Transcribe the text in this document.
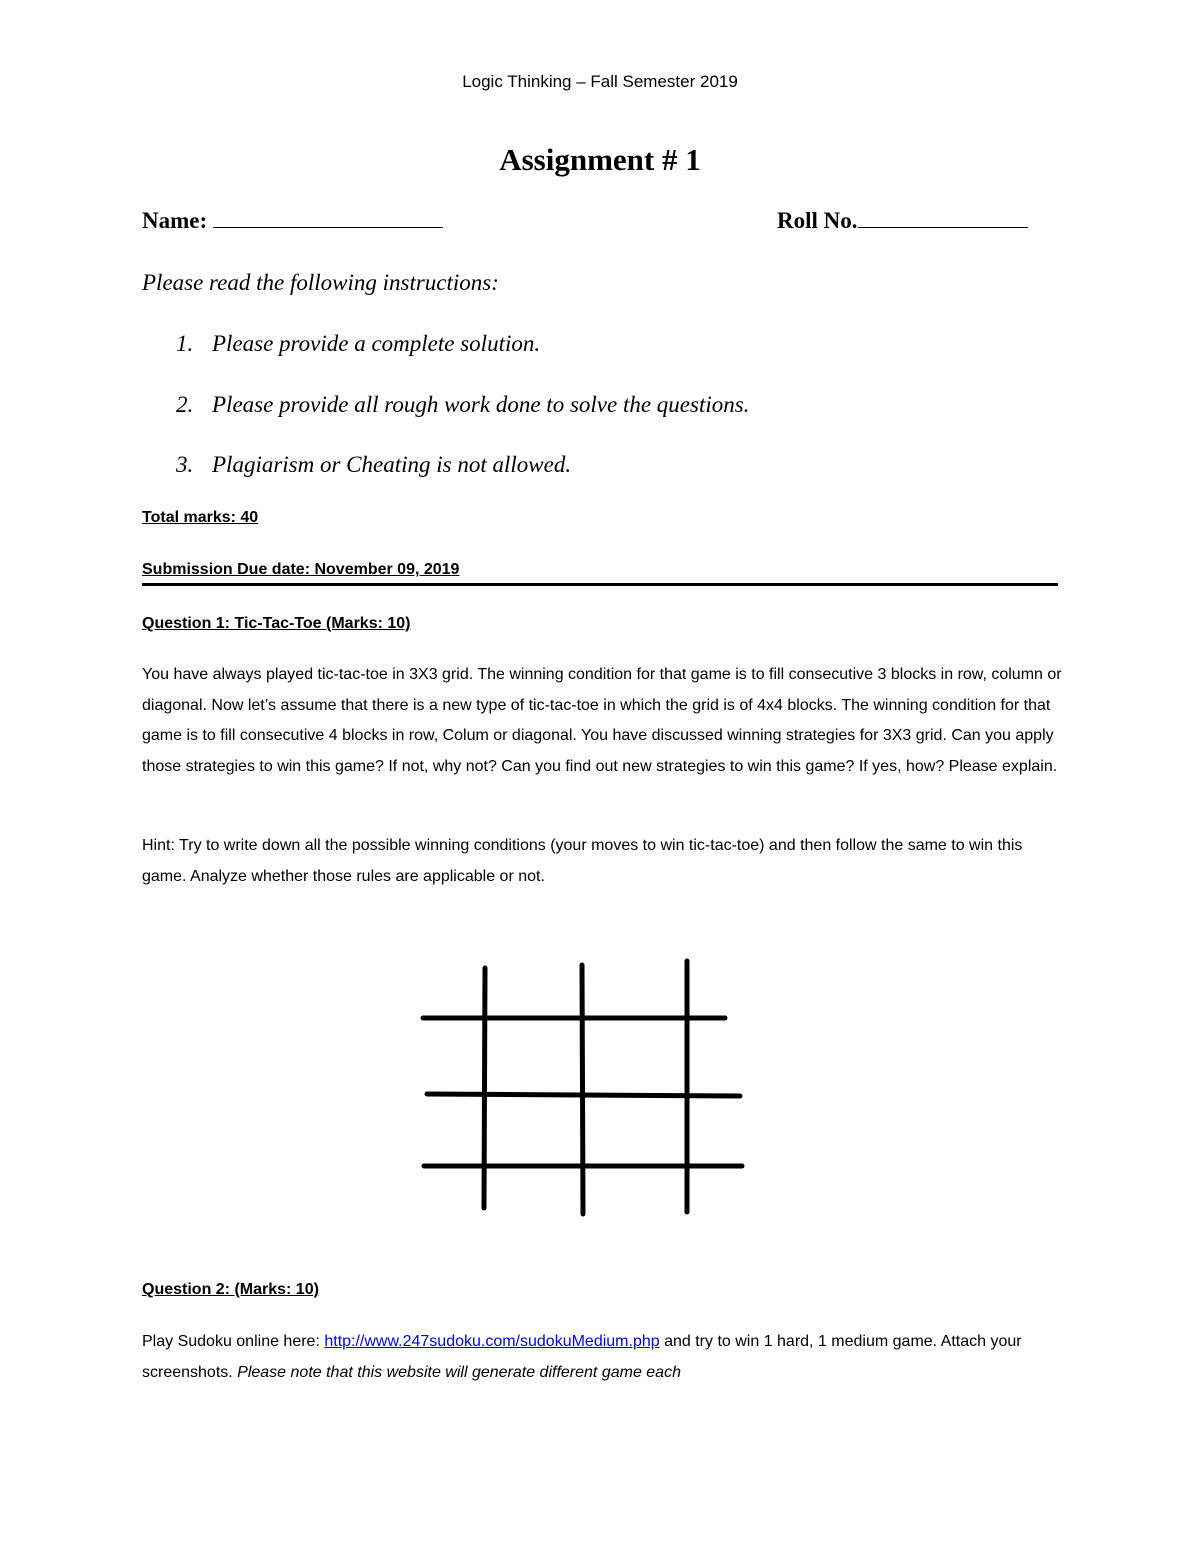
Logic Thinking – Fall Semester 2019
Assignment # 1
Name:	Roll No.
Please read the following instructions:
1. Please provide a complete solution.
2. Please provide all rough work done to solve the questions.
3. Plagiarism or Cheating is not allowed.
Total marks: 40
Submission Due date: November 09, 2019
Question 1: Tic-Tac-Toe (Marks: 10)
You have always played tic-tac-toe in 3X3 grid. The winning condition for that game is to fill consecutive 3 blocks in row, column or diagonal. Now let’s assume that there is a new type of tic-tac-toe in which the grid is of 4x4 blocks. The winning condition for that game is to fill consecutive 4 blocks in row, Colum or diagonal. You have discussed winning strategies for 3X3 grid. Can you apply those strategies to win this game? If not, why not? Can you find out new strategies to win this game? If yes, how? Please explain.
Hint: Try to write down all the possible winning conditions (your moves to win tic-tac-toe) and then follow the same to win this game. Analyze whether those rules are applicable or not.
Question 2: (Marks: 10)
Play Sudoku online here: http://www.247sudoku.com/sudokuMedium.php and try to win 1 hard, 1 medium game. Attach your screenshots. Please note that this website will generate different game each
